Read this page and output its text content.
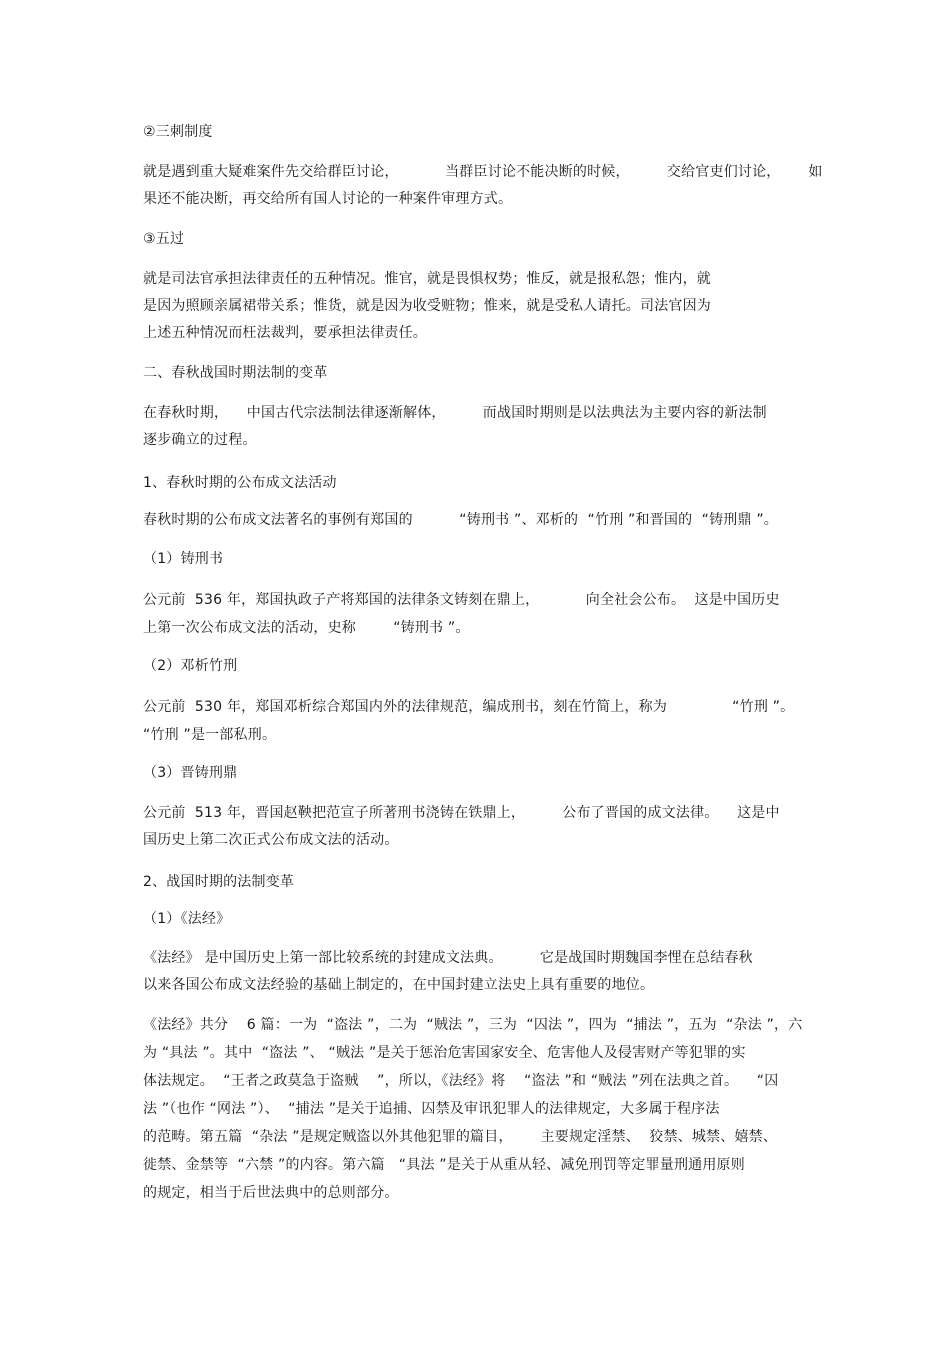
②三刺制度
就是遇到重大疑难案件先交给群臣讨论，          当群臣讨论不能决断的时候，        交给官吏们讨论，      如
果还不能决断，再交给所有国人讨论的一种案件审理方式。
③五过
就是司法官承担法律责任的五种情况。惟官，就是畏惧权势；惟反，就是报私怨；惟内，就
是因为照顾亲属裙带关系；惟货，就是因为收受赃物；惟来，就是受私人请托。司法官因为
上述五种情况而枉法裁判，要承担法律责任。
二、春秋战国时期法制的变革
在春秋时期，    中国古代宗法制法律逐渐解体，        而战国时期则是以法典法为主要内容的新法制
逐步确立的过程。
1、春秋时期的公布成文法活动
春秋时期的公布成文法著名的事例有郑国的          “铸刑书 ”、邓析的  “竹刑 ”和晋国的  “铸刑鼎 ”。
（1）铸刑书
公元前  536 年，郑国执政子产将郑国的法律条文铸刻在鼎上，          向全社会公布。  这是中国历史
上第一次公布成文法的活动，史称        “铸刑书 ”。
（2）邓析竹刑
公元前  530 年，郑国邓析综合郑国内外的法律规范，编成刑书，刻在竹简上，称为              “竹刑 ”。
“竹刑 ”是一部私刑。
（3）晋铸刑鼎
公元前  513 年，晋国赵鞅把范宣子所著刑书浇铸在铁鼎上，        公布了晋国的成文法律。    这是中
国历史上第二次正式公布成文法的活动。
2、战国时期的法制变革
（1）《法经》
《法经》 是中国历史上第一部比较系统的封建成文法典。        它是战国时期魏国李悝在总结春秋
以来各国公布成文法经验的基础上制定的，在中国封建立法史上具有重要的地位。
《法经》共分    6 篇：一为  “盗法 ”，二为  “贼法 ”，三为  “囚法 ”，四为  “捕法 ”，五为  “杂法 ”，六
为 “具法 ”。其中  “盗法 ”、 “贼法 ”是关于惩治危害国家安全、危害他人及侵害财产等犯罪的实
体法规定。  “王者之政莫急于盗贼    ”，所以，《法经》将    “盗法 ”和 “贼法 ”列在法典之首。    “囚
法 ”（也作 “网法 ”）、  “捕法 ”是关于追捕、囚禁及审讯犯罪人的法律规定，大多属于程序法
的范畴。第五篇  “杂法 ”是规定贼盗以外其他犯罪的篇目，      主要规定淫禁、  狡禁、城禁、嬉禁、
徙禁、金禁等  “六禁 ”的内容。第六篇   “具法 ”是关于从重从轻、减免刑罚等定罪量刑通用原则
的规定，相当于后世法典中的总则部分。
